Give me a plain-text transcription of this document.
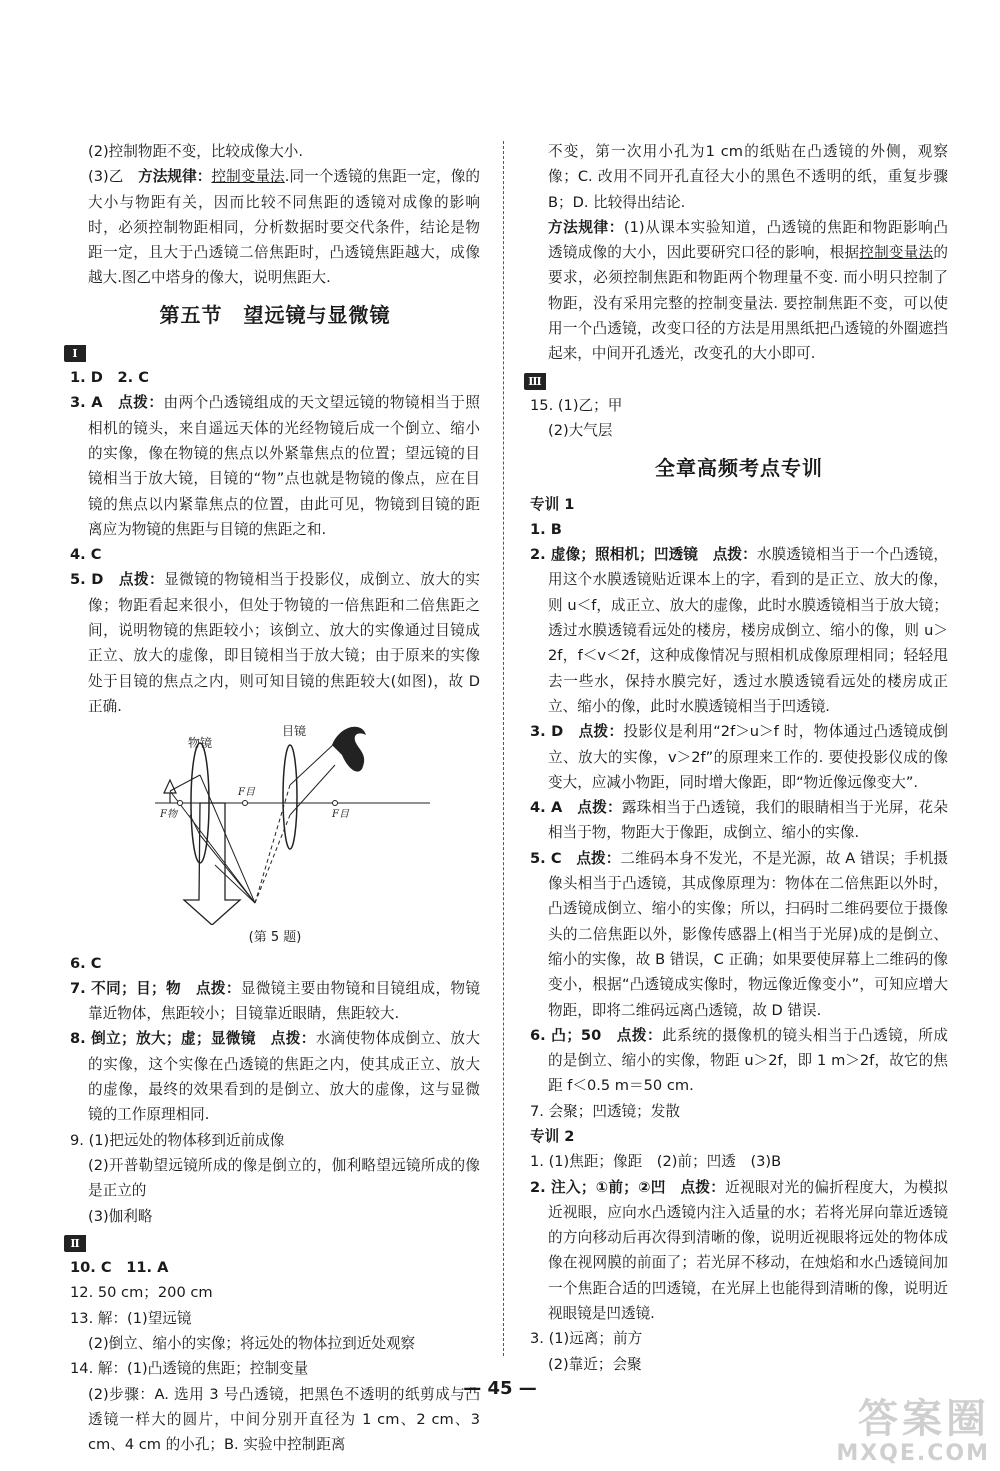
(2)控制物距不变，比较成像大小.

(3)乙　方法规律：控制变量法.同一个透镜的焦距一定，像的大小与物距有关，因而比较不同焦距的透镜对成像的影响时，必须控制物距相同，分析数据时要交代条件，结论是物距一定，且大于凸透镜二倍焦距时，凸透镜焦距越大，成像越大.图乙中塔身的像大，说明焦距大.

第五节　望远镜与显微镜
Ⅰ

1. D　2. C

3. A　点拨：由两个凸透镜组成的天文望远镜的物镜相当于照相机的镜头，来自遥远天体的光经物镜后成一个倒立、缩小的实像，像在物镜的焦点以外紧靠焦点的位置；望远镜的目镜相当于放大镜，目镜的“物”点也就是物镜的像点，应在目镜的焦点以内紧靠焦点的位置，由此可见，物镜到目镜的距离应为物镜的焦距与目镜的焦距之和.

4. C

5. D　点拨：显微镜的物镜相当于投影仪，成倒立、放大的实像；物距看起来很小，但处于物镜的一倍焦距和二倍焦距之间，说明物镜的焦距较小；该倒立、放大的实像通过目镜成正立、放大的虚像，即目镜相当于放大镜；由于原来的实像处于目镜的焦点之内，则可知目镜的焦距较大(如图)，故 D 正确.

物镜
目镜
F目
F物	F目
(第 5 题)

6. C

7. 不同；目；物　点拨：显微镜主要由物镜和目镜组成，物镜靠近物体，焦距较小；目镜靠近眼睛，焦距较大.

8. 倒立；放大；虚；显微镜　点拨：水滴使物体成倒立、放大的实像，这个实像在凸透镜的焦距之内，使其成正立、放大的虚像，最终的效果看到的是倒立、放大的虚像，这与显微镜的工作原理相同.

9. (1)把远处的物体移到近前成像

(2)开普勒望远镜所成的像是倒立的，伽利略望远镜所成的像是正立的

(3)伽利略

Ⅱ

10. C　11. A

12. 50 cm；200 cm

13. 解：(1)望远镜

(2)倒立、缩小的实像；将远处的物体拉到近处观察

14. 解：(1)凸透镜的焦距；控制变量

(2)步骤：A. 选用 3 号凸透镜，把黑色不透明的纸剪成与凸透镜一样大的圆片，中间分别开直径为 1 cm、2 cm、3 cm、4 cm 的小孔；B. 实验中控制距离

不变，第一次用小孔为1 cm的纸贴在凸透镜的外侧，观察像；C. 改用不同开孔直径大小的黑色不透明的纸，重复步骤 B；D. 比较得出结论.

方法规律：(1)从课本实验知道，凸透镜的焦距和物距影响凸透镜成像的大小，因此要研究口径的影响，根据控制变量法的要求，必须控制焦距和物距两个物理量不变. 而小明只控制了物距，没有采用完整的控制变量法. 要控制焦距不变，可以使用一个凸透镜，改变口径的方法是用黑纸把凸透镜的外圈遮挡起来，中间开孔透光，改变孔的大小即可.

Ⅲ

15. (1)乙；甲

(2)大气层

全章高频考点专训

专训 1

1. B

2. 虚像；照相机；凹透镜　点拨：水膜透镜相当于一个凸透镜，用这个水膜透镜贴近课本上的字，看到的是正立、放大的像，则 u＜f，成正立、放大的虚像，此时水膜透镜相当于放大镜；透过水膜透镜看远处的楼房，楼房成倒立、缩小的像，则 u＞2f，f＜v＜2f，这种成像情况与照相机成像原理相同；轻轻甩去一些水，保持水膜完好，透过水膜透镜看远处的楼房成正立、缩小的像，此时水膜透镜相当于凹透镜.

3. D　点拨：投影仪是利用“2f＞u＞f 时，物体通过凸透镜成倒立、放大的实像，v＞2f”的原理来工作的. 要使投影仪成的像变大，应减小物距，同时增大像距，即“物近像远像变大”.

4. A　点拨：露珠相当于凸透镜，我们的眼睛相当于光屏，花朵相当于物，物距大于像距，成倒立、缩小的实像.

5. C　点拨：二维码本身不发光，不是光源，故 A 错误；手机摄像头相当于凸透镜，其成像原理为：物体在二倍焦距以外时，凸透镜成倒立、缩小的实像；所以，扫码时二维码要位于摄像头的二倍焦距以外，影像传感器上(相当于光屏)成的是倒立、缩小的实像，故 B 错误，C 正确；如果要使屏幕上二维码的像变小，根据“凸透镜成实像时，物远像近像变小”，可知应增大物距，即将二维码远离凸透镜，故 D 错误.

6. 凸；50　点拨：此系统的摄像机的镜头相当于凸透镜，所成的是倒立、缩小的实像，物距 u＞2f，即 1 m＞2f，故它的焦距 f＜0.5 m＝50 cm.

7. 会聚；凹透镜；发散

专训 2

1. (1)焦距；像距　(2)前；凹透　(3)B

2. 注入；①前；②凹　点拨：近视眼对光的偏折程度大，为模拟近视眼，应向水凸透镜内注入适量的水；若将光屏向靠近透镜的方向移动后再次得到清晰的像，说明近视眼将远处的物体成像在视网膜的前面了；若光屏不移动，在烛焰和水凸透镜间加一个焦距合适的凹透镜，在光屏上也能得到清晰的像，说明近视眼镜是凹透镜.

3. (1)远离；前方

(2)靠近；会聚

— 45 —
答案圈
MXQE.COM
